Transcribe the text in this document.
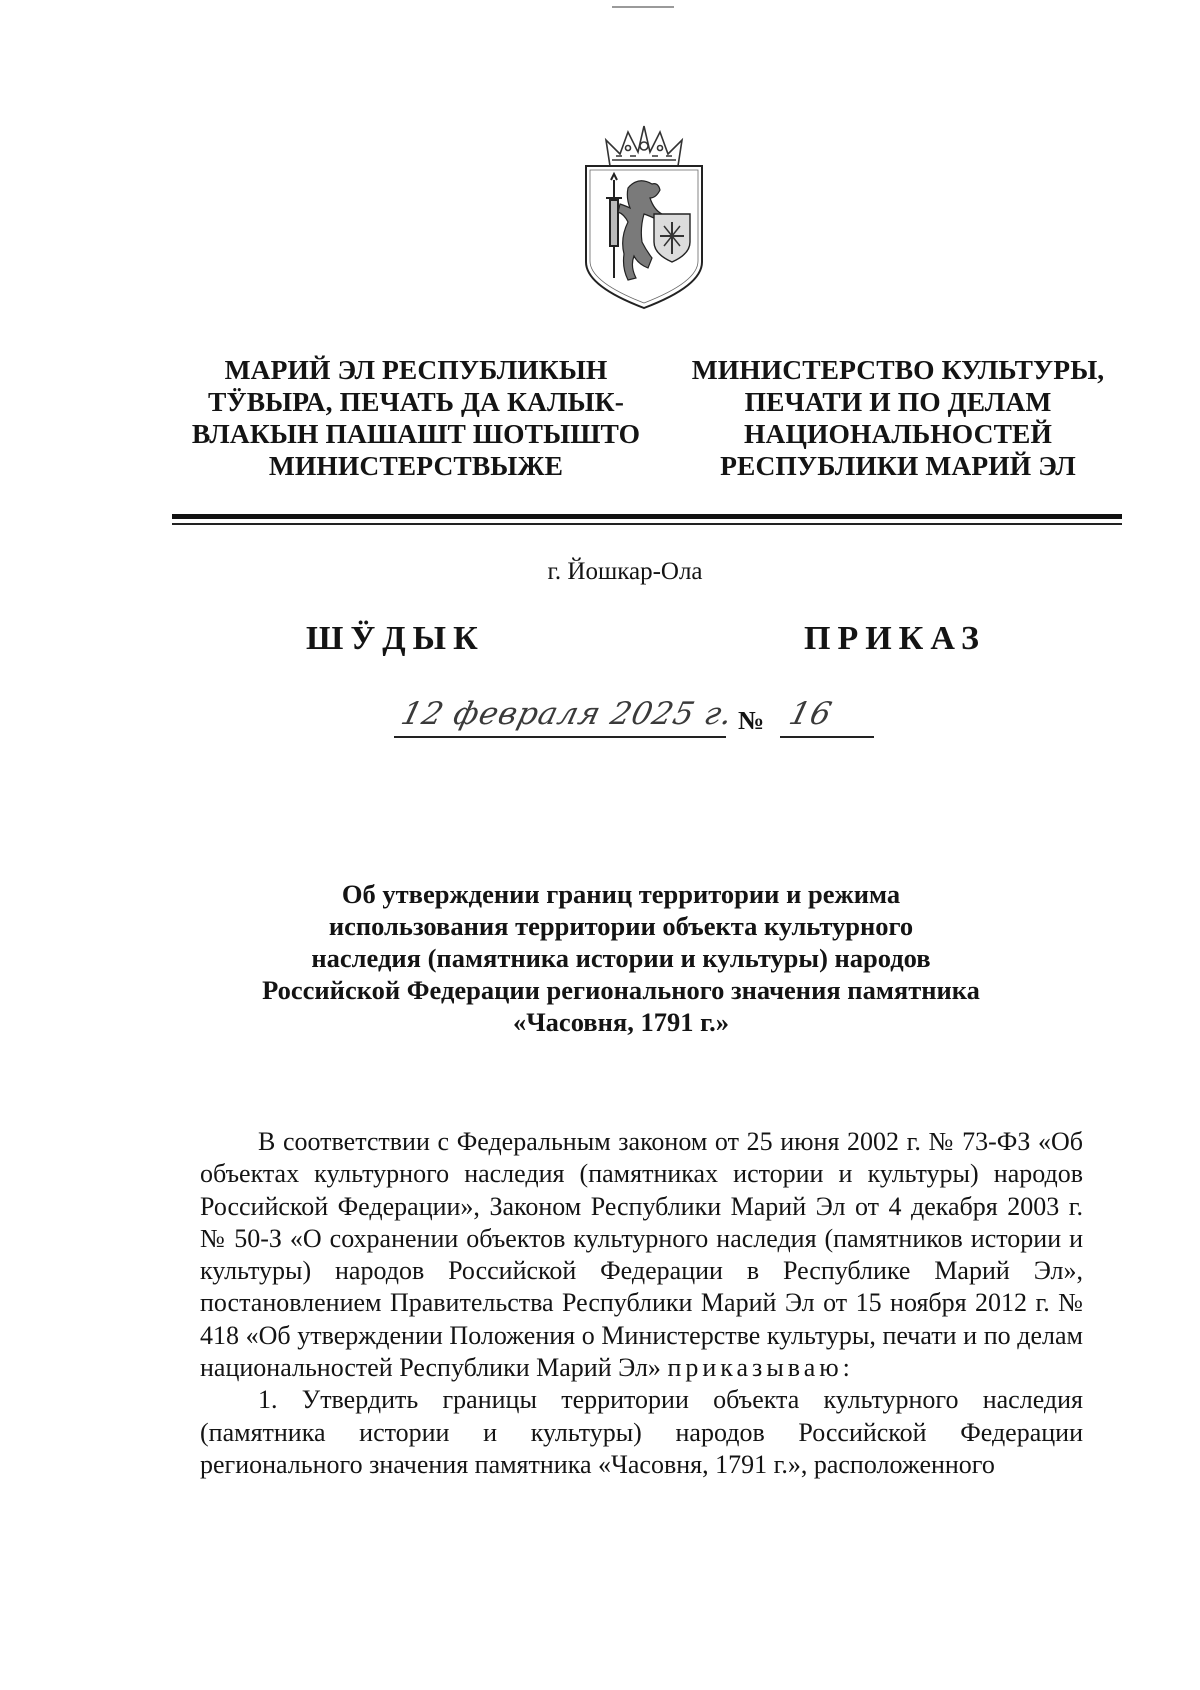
МАРИЙ ЭЛ РЕСПУБЛИКЫН
ТӰВЫРА, ПЕЧАТЬ ДА КАЛЫК-
ВЛАКЫН ПАШАШТ ШОТЫШТО
МИНИСТЕРСТВЫЖЕ
МИНИСТЕРСТВО КУЛЬТУРЫ,
ПЕЧАТИ И ПО ДЕЛАМ
НАЦИОНАЛЬНОСТЕЙ
РЕСПУБЛИКИ МАРИЙ ЭЛ
г. Йошкар-Ола
ШӰДЫК	ПРИКАЗ
12 февраля 2025 г. № 16
Об утверждении границ территории и режима
использования территории объекта культурного
наследия (памятника истории и культуры) народов
Российской Федерации регионального значения памятника
«Часовня, 1791 г.»

В соответствии с Федеральным законом от 25 июня 2002 г. № 73-ФЗ «Об объектах культурного наследия (памятниках истории и культуры) народов Российской Федерации», Законом Республики Марий Эл от 4 декабря 2003 г. № 50-З «О сохранении объектов культурного наследия (памятников истории и культуры) народов Российской Федерации в Республике Марий Эл», постановлением Правительства Республики Марий Эл от 15 ноября 2012 г. № 418 «Об утверждении Положения о Министерстве культуры, печати и по делам национальностей Республики Марий Эл» приказываю:

1. Утвердить границы территории объекта культурного наследия (памятника истории и культуры) народов Российской Федерации регионального значения памятника «Часовня, 1791 г.», расположенного
